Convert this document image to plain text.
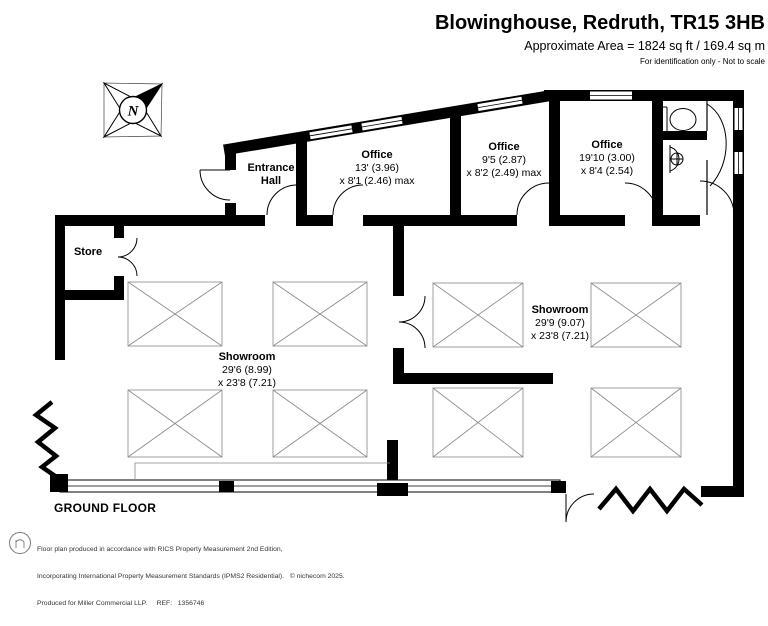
N
Blowinghouse, Redruth, TR15 3HB
Approximate Area = 1824 sq ft / 169.4 sq m
For identification only - Not to scale
Entrance
Hall
Office
13' (3.96)
x 8'1 (2.46) max
Office
9'5 (2.87)
x 8'2 (2.49) max
Office
19'10 (3.00)
x 8'4 (2.54)
Store
Showroom
29'6 (8.99)
x 23'8 (7.21)
Showroom
29'9 (9.07)
x 23'8 (7.21)
GROUND FLOOR

Floor plan produced in accordance with RICS Property Measurement 2nd Edition,

Incorporating International Property Measurement Standards (IPMS2 Residential).   © nichecom 2025.

Produced for Miller Commercial LLP.     REF:   1356746
